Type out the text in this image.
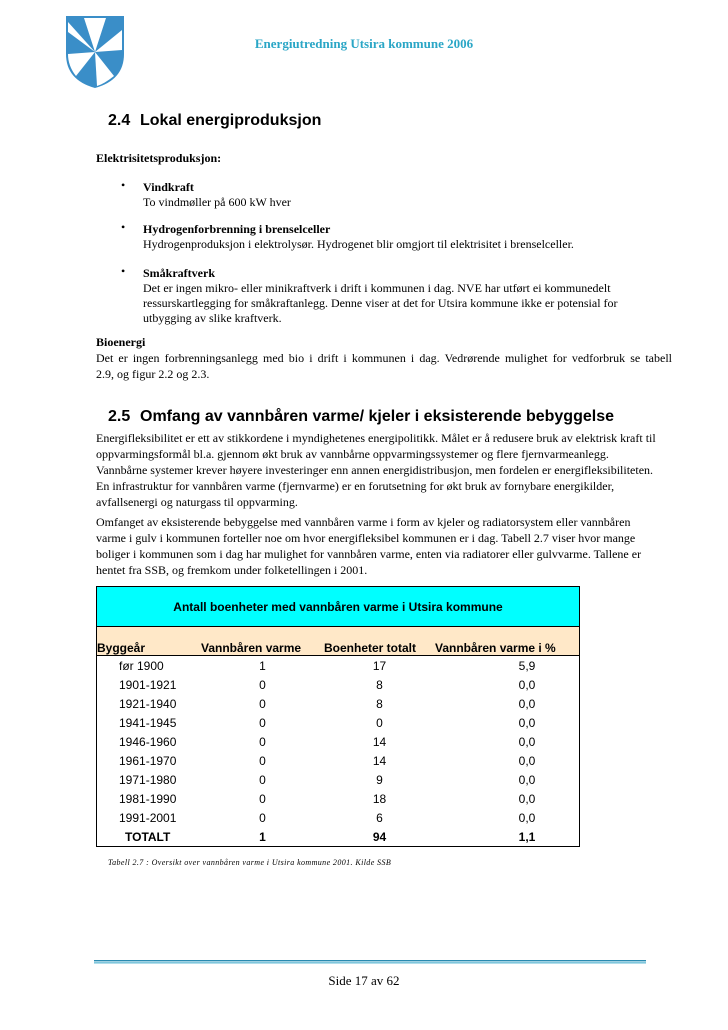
Energiutredning Utsira kommune 2006
2.4 Lokal energiproduksjon
Elektrisitetsproduksjon:
• Vindkraft
To vindmøller på 600 kW hver
• Hydrogenforbrenning i brenselceller
Hydrogenproduksjon i elektrolysør. Hydrogenet blir omgjort til elektrisitet i brenselceller.
• Småkraftverk
Det er ingen mikro- eller minikraftverk i drift i kommunen i dag. NVE har utført ei kommunedelt
ressurskartlegging for småkraftanlegg. Denne viser at det for Utsira kommune ikke er potensial for
utbygging av slike kraftverk.
Bioenergi
Det er ingen forbrenningsanlegg med bio i drift i kommunen i dag. Vedrørende mulighet for vedforbruk se tabell
2.9, og figur 2.2 og 2.3.
2.5 Omfang av vannbåren varme/ kjeler i eksisterende bebyggelse
Energifleksibilitet er ett av stikkordene i myndighetenes energipolitikk. Målet er å redusere bruk av elektrisk kraft til
oppvarmingsformål bl.a. gjennom økt bruk av vannbårne oppvarmingssystemer og flere fjernvarmeanlegg.
Vannbårne systemer krever høyere investeringer enn annen energidistribusjon, men fordelen er energifleksibiliteten.
En infrastruktur for vannbåren varme (fjernvarme) er en forutsetning for økt bruk av fornybare energikilder,
avfallsenergi og naturgass til oppvarming.
Omfanget av eksisterende bebyggelse med vannbåren varme i form av kjeler og radiatorsystem eller vannbåren
varme i gulv i kommunen forteller noe om hvor energifleksibel kommunen er i dag. Tabell 2.7 viser hvor mange
boliger i kommunen som i dag har mulighet for vannbåren varme, enten via radiatorer eller gulvvarme. Tallene er
hentet fra SSB, og fremkom under folketellingen i 2001.
Antall boenheter med vannbåren varme i Utsira kommune			
Byggeår	Vannbåren varme	Boenheter totalt	Vannbåren varme i %
før 1900	1	17	5,9
1901-1921	0	8	0,0
1921-1940	0	8	0,0
1941-1945	0	0	0,0
1946-1960	0	14	0,0
1961-1970	0	14	0,0
1971-1980	0	9	0,0
1981-1990	0	18	0,0
1991-2001	0	6	0,0
TOTALT	1	94	1,1
Tabell 2.7 : Oversikt over vannbåren varme i Utsira kommune 2001. Kilde SSB
Side 17 av 62
